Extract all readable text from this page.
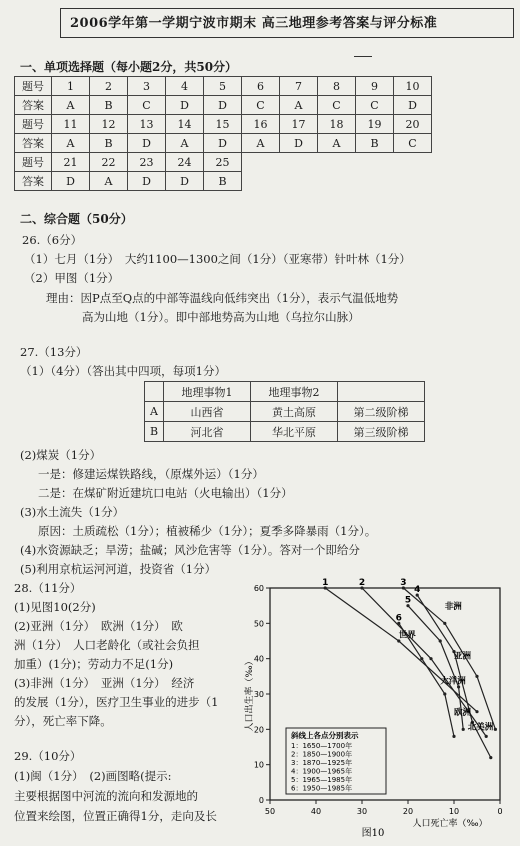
2006学年第一学期宁波市期末 高三地理参考答案与评分标准
一、单项选择题（每小题2分，共50分）
题号	1	2	3	4	5	6	7	8	9	10
答案	A	B	C	D	D	C	A	C	C	D
题号	11	12	13	14	15	16	17	18	19	20
答案	A	B	D	A	D	A	D	A	B	C
题号	21	22	23	24	25					
答案	D	A	D	D	B					
二、综合题（50分）
26.（6分）
（1）七月（1分）　大约1100—1300之间（1分）（亚寒带）针叶林（1分）
（2）甲图（1分）
理由：因P点至Q点的中部等温线向低纬突出（1分），表示气温低地势
高为山地（1分）。即中部地势高为山地（乌拉尔山脉）
27.（13分）
（1）（4分）（答出其中四项，每项1分）
	地理事物1	地理事物2	
A	山西省	黄土高原	第二级阶梯
B	河北省	华北平原	第三级阶梯
(2)煤炭（1分）
一是：修建运煤铁路线，（原煤外运）（1分）
二是：在煤矿附近建坑口电站（火电输出）（1分）
(3)水土流失（1分）
原因：土质疏松（1分）；植被稀少（1分）；夏季多降暴雨（1分）。
(4)水资源缺乏；旱涝；盐碱；风沙危害等（1分）。答对一个即给分
(5)利用京杭运河河道，投资省（1分）
28.（11分）
(1)见图10(2分)
(2)亚洲（1分）　欧洲（1分）　欧
洲（1分）　人口老龄化（或社会负担
加重）(1分)；劳动力不足(1分)
(3)非洲（1分）　亚洲（1分）　经济
的发展（1分），医疗卫生事业的进步（1
分），死亡率下降。
29.（10分）
(1)闽（1分）　(2)画图略(提示:
主要根据图中河流的流向和发源地的
位置来绘图，位置正确得1分，走向及长	50	40	30	20	10	0
60
50
40
30
20
10
0
人口出生率（‰）
人口死亡率（‰）
图10
1	2	3
4
5
6
非洲
世界
亚洲
大洋洲
欧洲
北美洲
斜线上各点分别表示
1：1650—1700年
2：1850—1900年
3：1870—1925年
4：1900—1965年
5：1965—1985年
6：1950—1985年
